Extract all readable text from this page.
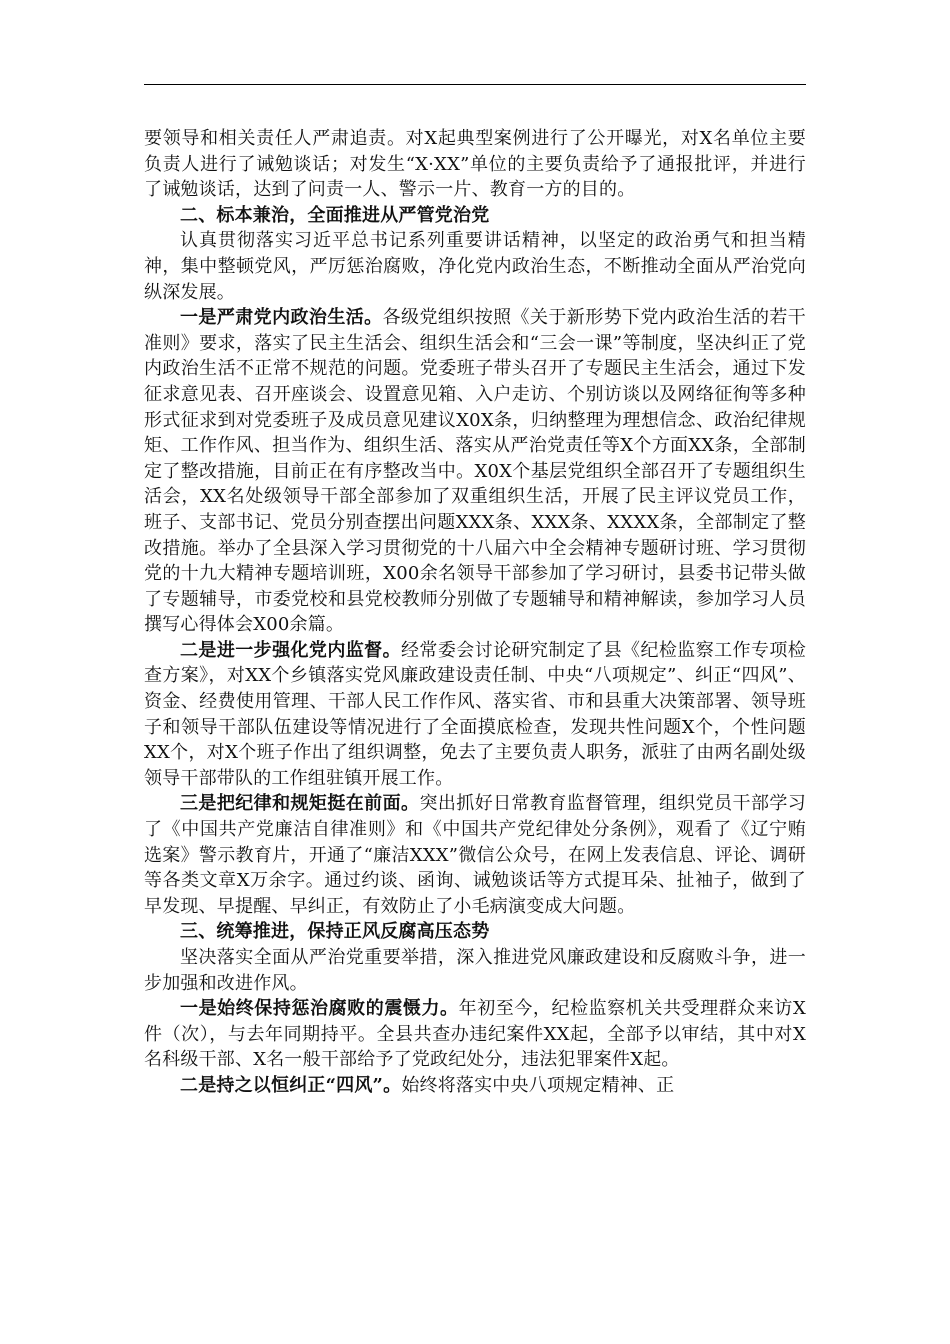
要领导和相关责任人严肃追责。对X起典型案例进行了公开曝光，对X名单位主要负责人进行了诫勉谈话；对发生“X·XX”单位的主要负责给予了通报批评，并进行了诫勉谈话，达到了问责一人、警示一片、教育一方的目的。

二、标本兼治，全面推进从严管党治党

认真贯彻落实习近平总书记系列重要讲话精神，以坚定的政治勇气和担当精神，集中整顿党风，严厉惩治腐败，净化党内政治生态，不断推动全面从严治党向纵深发展。

一是严肃党内政治生活。各级党组织按照《关于新形势下党内政治生活的若干准则》要求，落实了民主生活会、组织生活会和“三会一课”等制度，坚决纠正了党内政治生活不正常不规范的问题。党委班子带头召开了专题民主生活会，通过下发征求意见表、召开座谈会、设置意见箱、入户走访、个别访谈以及网络征徇等多种形式征求到对党委班子及成员意见建议X0X条，归纳整理为理想信念、政治纪律规矩、工作作风、担当作为、组织生活、落实从严治党责任等X个方面XX条，全部制定了整改措施，目前正在有序整改当中。X0X个基层党组织全部召开了专题组织生活会，XX名处级领导干部全部参加了双重组织生活，开展了民主评议党员工作，班子、支部书记、党员分别查摆出问题XXX条、XXX条、XXXX条，全部制定了整改措施。举办了全县深入学习贯彻党的十八届六中全会精神专题研讨班、学习贯彻党的十九大精神专题培训班，X00余名领导干部参加了学习研讨，县委书记带头做了专题辅导，市委党校和县党校教师分别做了专题辅导和精神解读，参加学习人员撰写心得体会X00余篇。

二是进一步强化党内监督。经常委会讨论研究制定了县《纪检监察工作专项检查方案》，对XX个乡镇落实党风廉政建设责任制、中央“八项规定”、纠正“四风”、资金、经费使用管理、干部人民工作作风、落实省、市和县重大决策部署、领导班子和领导干部队伍建设等情况进行了全面摸底检查，发现共性问题X个，个性问题XX个，对X个班子作出了组织调整，免去了主要负责人职务，派驻了由两名副处级领导干部带队的工作组驻镇开展工作。

三是把纪律和规矩挺在前面。突出抓好日常教育监督管理，组织党员干部学习了《中国共产党廉洁自律准则》和《中国共产党纪律处分条例》，观看了《辽宁贿选案》警示教育片，开通了“廉洁XXX”微信公众号，在网上发表信息、评论、调研等各类文章X万余字。通过约谈、函询、诫勉谈话等方式提耳朵、扯袖子，做到了早发现、早提醒、早纠正，有效防止了小毛病演变成大问题。

三、统筹推进，保持正风反腐高压态势

坚决落实全面从严治党重要举措，深入推进党风廉政建设和反腐败斗争，进一步加强和改进作风。

一是始终保持惩治腐败的震慑力。年初至今，纪检监察机关共受理群众来访X件（次），与去年同期持平。全县共查办违纪案件XX起，全部予以审结，其中对X名科级干部、X名一般干部给予了党政纪处分，违法犯罪案件X起。

二是持之以恒纠正“四风”。始终将落实中央八项规定精神、正
